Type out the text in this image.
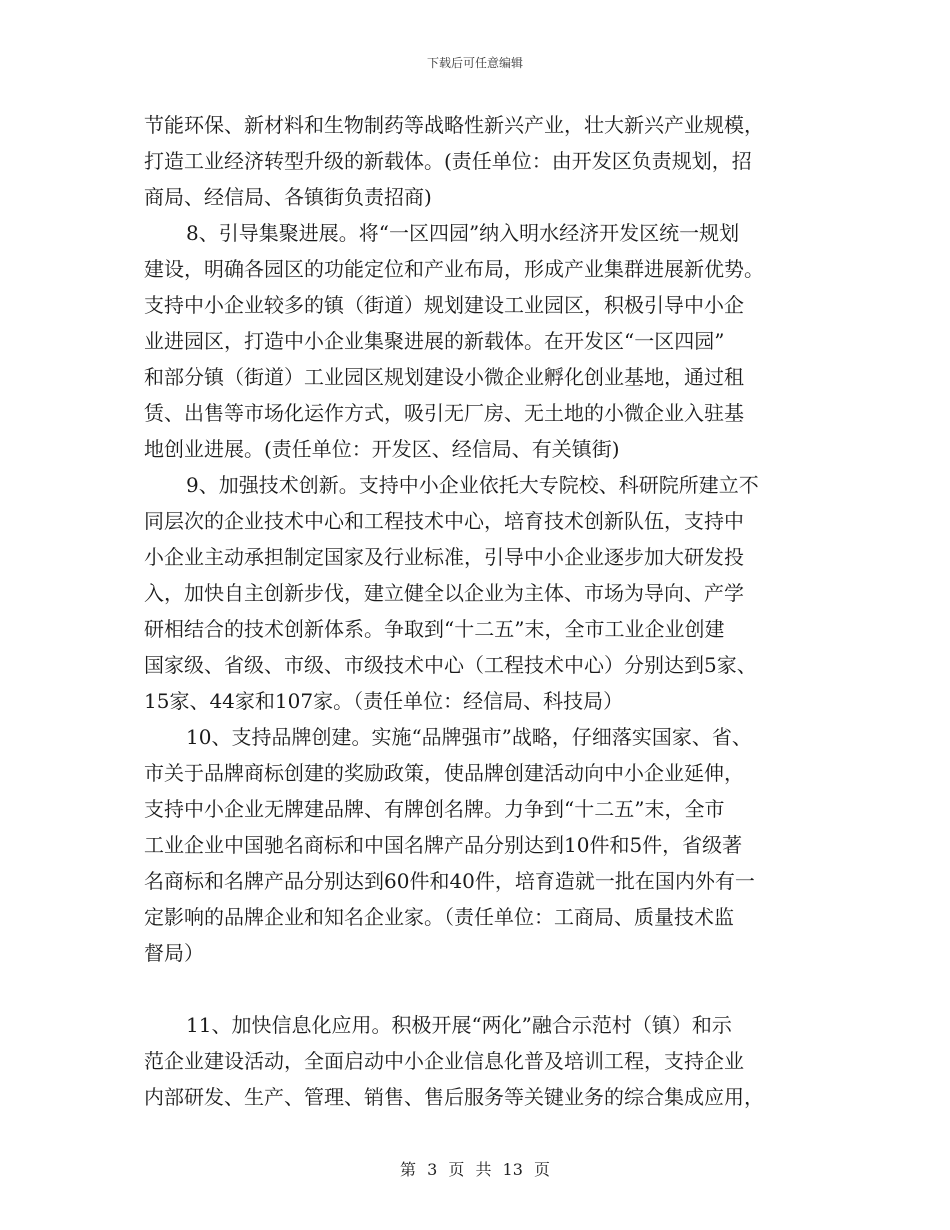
下载后可任意编辑
节能环保、新材料和生物制药等战略性新兴产业，壮大新兴产业规模，
打造工业经济转型升级的新载体。(责任单位：由开发区负责规划，招
商局、经信局、各镇街负责招商)
8、引导集聚进展。将“一区四园”纳入明水经济开发区统一规划
建设，明确各园区的功能定位和产业布局，形成产业集群进展新优势。
支持中小企业较多的镇（街道）规划建设工业园区，积极引导中小企
业进园区，打造中小企业集聚进展的新载体。在开发区“一区四园”
和部分镇（街道）工业园区规划建设小微企业孵化创业基地，通过租
赁、出售等市场化运作方式，吸引无厂房、无土地的小微企业入驻基
地创业进展。(责任单位：开发区、经信局、有关镇街)
9、加强技术创新。支持中小企业依托大专院校、科研院所建立不
同层次的企业技术中心和工程技术中心，培育技术创新队伍，支持中
小企业主动承担制定国家及行业标准，引导中小企业逐步加大研发投
入，加快自主创新步伐，建立健全以企业为主体、市场为导向、产学
研相结合的技术创新体系。争取到“十二五”末，全市工业企业创建
国家级、省级、市级、市级技术中心（工程技术中心）分别达到5家、
15家、44家和107家。（责任单位：经信局、科技局）
10、支持品牌创建。实施“品牌强市”战略，仔细落实国家、省、
市关于品牌商标创建的奖励政策，使品牌创建活动向中小企业延伸，
支持中小企业无牌建品牌、有牌创名牌。力争到“十二五”末，全市
工业企业中国驰名商标和中国名牌产品分别达到10件和5件，省级著
名商标和名牌产品分别达到60件和40件，培育造就一批在国内外有一
定影响的品牌企业和知名企业家。（责任单位：工商局、质量技术监
督局）
11、加快信息化应用。积极开展“两化”融合示范村（镇）和示
范企业建设活动，全面启动中小企业信息化普及培训工程，支持企业
内部研发、生产、管理、销售、售后服务等关键业务的综合集成应用，
第 3 页 共 13 页
